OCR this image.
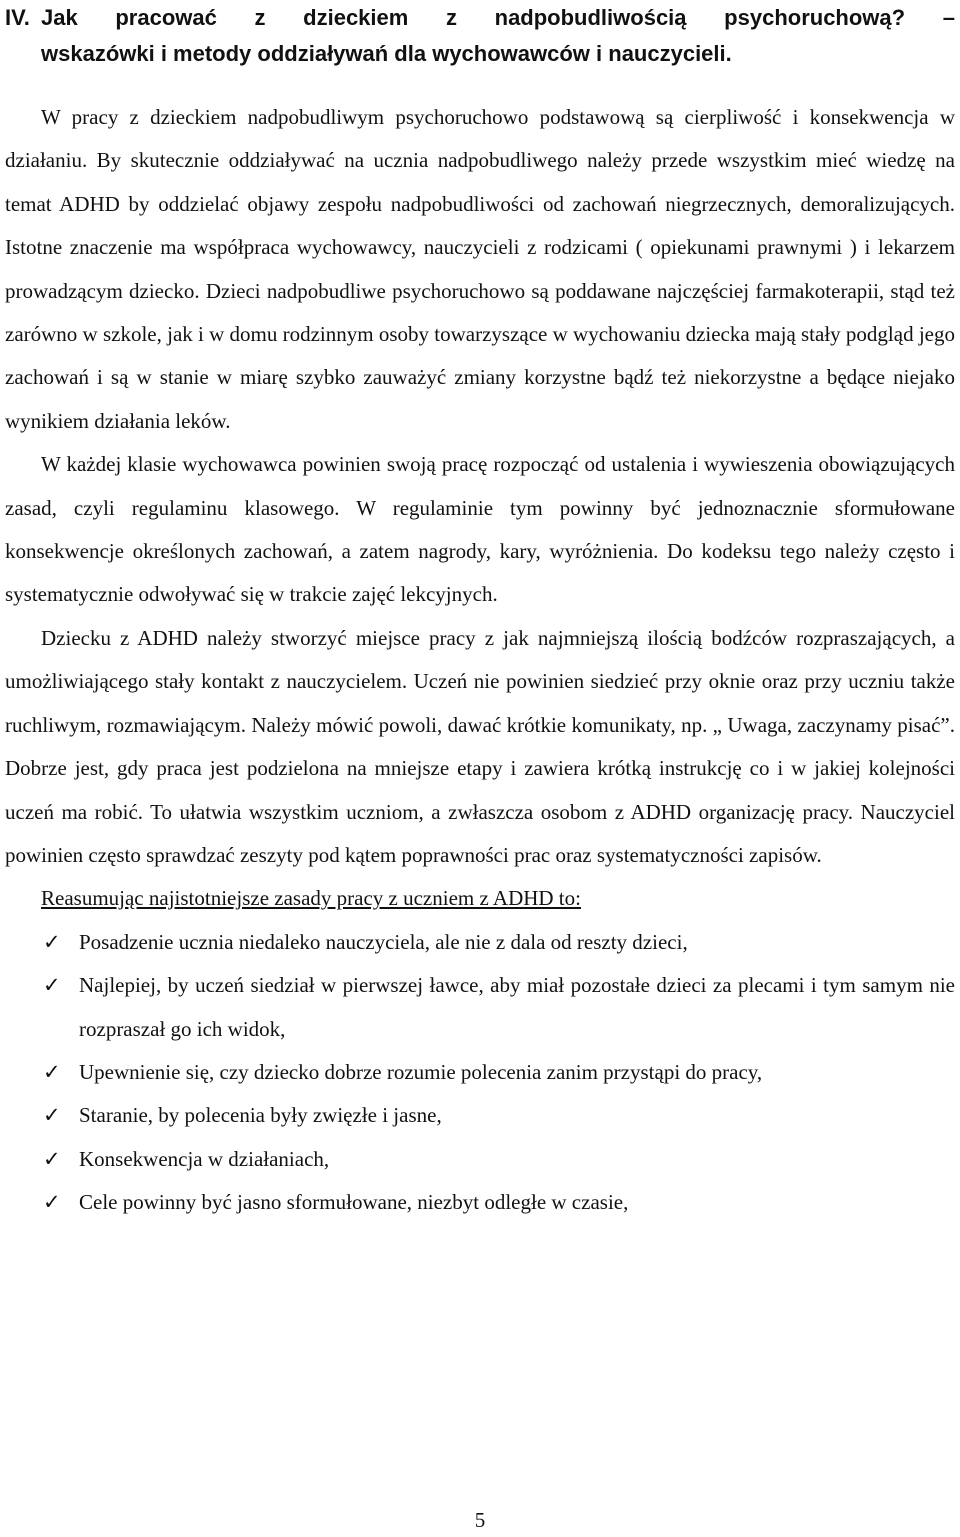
IV. Jak pracować z dzieckiem z nadpobudliwością psychoruchową? –
wskazówki i metody oddziaływań dla wychowawców i nauczycieli.

W pracy z dzieckiem nadpobudliwym psychoruchowo podstawową są cierpliwość i konsekwencja w działaniu. By skutecznie oddziaływać na ucznia nadpobudliwego należy przede wszystkim mieć wiedzę na temat ADHD by oddzielać objawy zespołu nadpobudliwości od zachowań niegrzecznych, demoralizujących. Istotne znaczenie ma współpraca wychowawcy, nauczycieli z rodzicami ( opiekunami prawnymi ) i lekarzem prowadzącym dziecko. Dzieci nadpobudliwe psychoruchowo są poddawane najczęściej farmakoterapii, stąd też zarówno w szkole, jak i w domu rodzinnym osoby towarzyszące w wychowaniu dziecka mają stały podgląd jego zachowań i są w stanie w miarę szybko zauważyć zmiany korzystne bądź też niekorzystne a będące niejako wynikiem działania leków.

W każdej klasie wychowawca powinien swoją pracę rozpocząć od ustalenia i wywieszenia obowiązujących zasad, czyli regulaminu klasowego. W regulaminie tym powinny być jednoznacznie sformułowane konsekwencje określonych zachowań, a zatem nagrody, kary, wyróżnienia. Do kodeksu tego należy często i systematycznie odwoływać się w trakcie zajęć lekcyjnych.

Dziecku z ADHD należy stworzyć miejsce pracy z jak najmniejszą ilością bodźców rozpraszających, a umożliwiającego stały kontakt z nauczycielem. Uczeń nie powinien siedzieć przy oknie oraz przy uczniu także ruchliwym, rozmawiającym. Należy mówić powoli, dawać krótkie komunikaty, np. „ Uwaga, zaczynamy pisać”. Dobrze jest, gdy praca jest podzielona na mniejsze etapy i zawiera krótką instrukcję co i w jakiej kolejności uczeń ma robić. To ułatwia wszystkim uczniom, a zwłaszcza osobom z ADHD organizację pracy. Nauczyciel powinien często sprawdzać zeszyty pod kątem poprawności prac oraz systematyczności zapisów.

Reasumując najistotniejsze zasady pracy z uczniem z ADHD to:

✓ Posadzenie ucznia niedaleko nauczyciela, ale nie z dala od reszty dzieci,
✓ Najlepiej, by uczeń siedział w pierwszej ławce, aby miał pozostałe dzieci za plecami i tym samym nie rozpraszał go ich widok,
✓ Upewnienie się, czy dziecko dobrze rozumie polecenia zanim przystąpi do pracy,
✓ Staranie, by polecenia były zwięzłe i jasne,
✓ Konsekwencja w działaniach,
✓ Cele powinny być jasno sformułowane, niezbyt odległe w czasie,
5
